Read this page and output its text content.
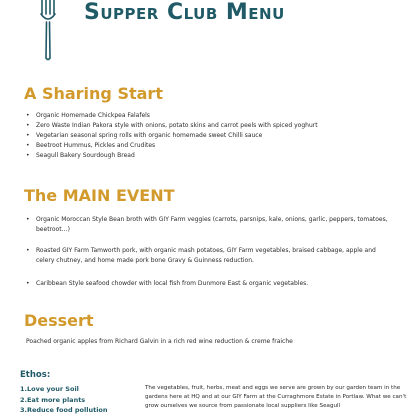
Supper Club Menu
A Sharing Start
• Organic Homemade Chickpea Falafels
• Zero Waste Indian Pakora style with onions, potato skins and carrot peels with spiced yoghurt
• Vegetarian seasonal spring rolls with organic homemade sweet Chilli sauce
• Beetroot Hummus, Pickles and Crudites
• Seagull Bakery Sourdough Bread
The MAIN EVENT
• Organic Moroccan Style Bean broth with GIY Farm veggies (carrots, parsnips, kale, onions, garlic, peppers, tomatoes, beetroot…)
• Roasted GIY Farm Tamworth pork, with organic mash potatoes, GIY Farm vegetables, braised cabbage, apple and celery chutney, and home made pork bone Gravy & Guinness reduction.
• Caribbean Style seafood chowder with local fish from Dunmore East & organic vegetables.
Dessert

Poached organic apples from Richard Galvin in a rich red wine reduction & creme fraiche

Ethos:
1.Love your Soil
2.Eat more plants
3.Reduce food pollution

The vegetables, fruit, herbs, meat and eggs we serve are grown by our garden team in the gardens here at HQ and at our GIY Farm at the Curraghmore Estate in Portlaw. What we can't grow ourselves we source from passionate local suppliers like Seagull
